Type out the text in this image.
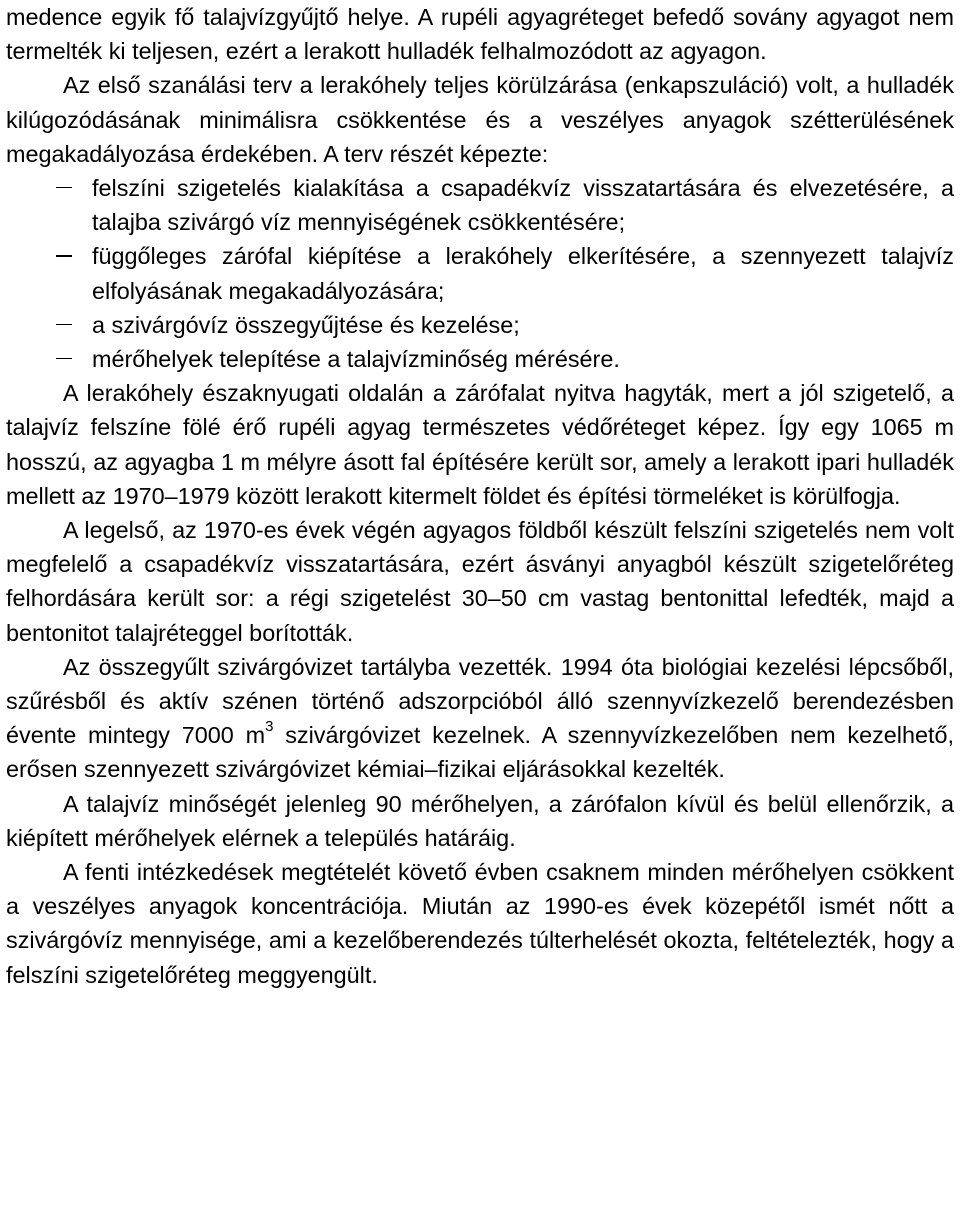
medence egyik fő talajvízgyűjtő helye. A rupéli agyagréteget befedő sovány agyagot nem termelték ki teljesen, ezért a lerakott hulladék felhalmozódott az agyagon.

Az első szanálási terv a lerakóhely teljes körülzárása (enkapszuláció) volt, a hulladék kilúgozódásának minimálisra csökkentése és a veszélyes anyagok szétterülésének megakadályozása érdekében. A terv részét képezte:

felszíni szigetelés kialakítása a csapadékvíz visszatartására és elvezetésére, a talajba szivárgó víz mennyiségének csökkentésére;
függőleges zárófal kiépítése a lerakóhely elkerítésére, a szennyezett talajvíz elfolyásának megakadályozására;
a szivárgóvíz összegyűjtése és kezelése;
mérőhelyek telepítése a talajvízminőség mérésére.

A lerakóhely északnyugati oldalán a zárófalat nyitva hagyták, mert a jól szigetelő, a talajvíz felszíne fölé érő rupéli agyag természetes védőréteget képez. Így egy 1065 m hosszú, az agyagba 1 m mélyre ásott fal építésére került sor, amely a lerakott ipari hulladék mellett az 1970–1979 között lerakott kitermelt földet és építési törmeléket is körülfogja.

A legelső, az 1970-es évek végén agyagos földből készült felszíni szigetelés nem volt megfelelő a csapadékvíz visszatartására, ezért ásványi anyagból készült szigetelőréteg felhordására került sor: a régi szigetelést 30–50 cm vastag bentonittal lefedték, majd a bentonitot talajréteggel borították.

Az összegyűlt szivárgóvizet tartályba vezették. 1994 óta biológiai kezelési lépcsőből, szűrésből és aktív szénen történő adszorpcióból álló szennyvízkezelő berendezésben évente mintegy 7000 $m^3$ szivárgóvizet kezelnek. A szennyvízkezelőben nem kezelhető, erősen szennyezett szivárgóvizet kémiai–fizikai eljárásokkal kezelték.

A talajvíz minőségét jelenleg 90 mérőhelyen, a zárófalon kívül és belül ellenőrzik, a kiépített mérőhelyek elérnek a település határáig.

A fenti intézkedések megtételét követő évben csaknem minden mérőhelyen csökkent a veszélyes anyagok koncentrációja. Miután az 1990-es évek közepétől ismét nőtt a szivárgóvíz mennyisége, ami a kezelőberendezés túlterhelését okozta, feltételezték, hogy a felszíni szigetelőréteg meggyengült.
